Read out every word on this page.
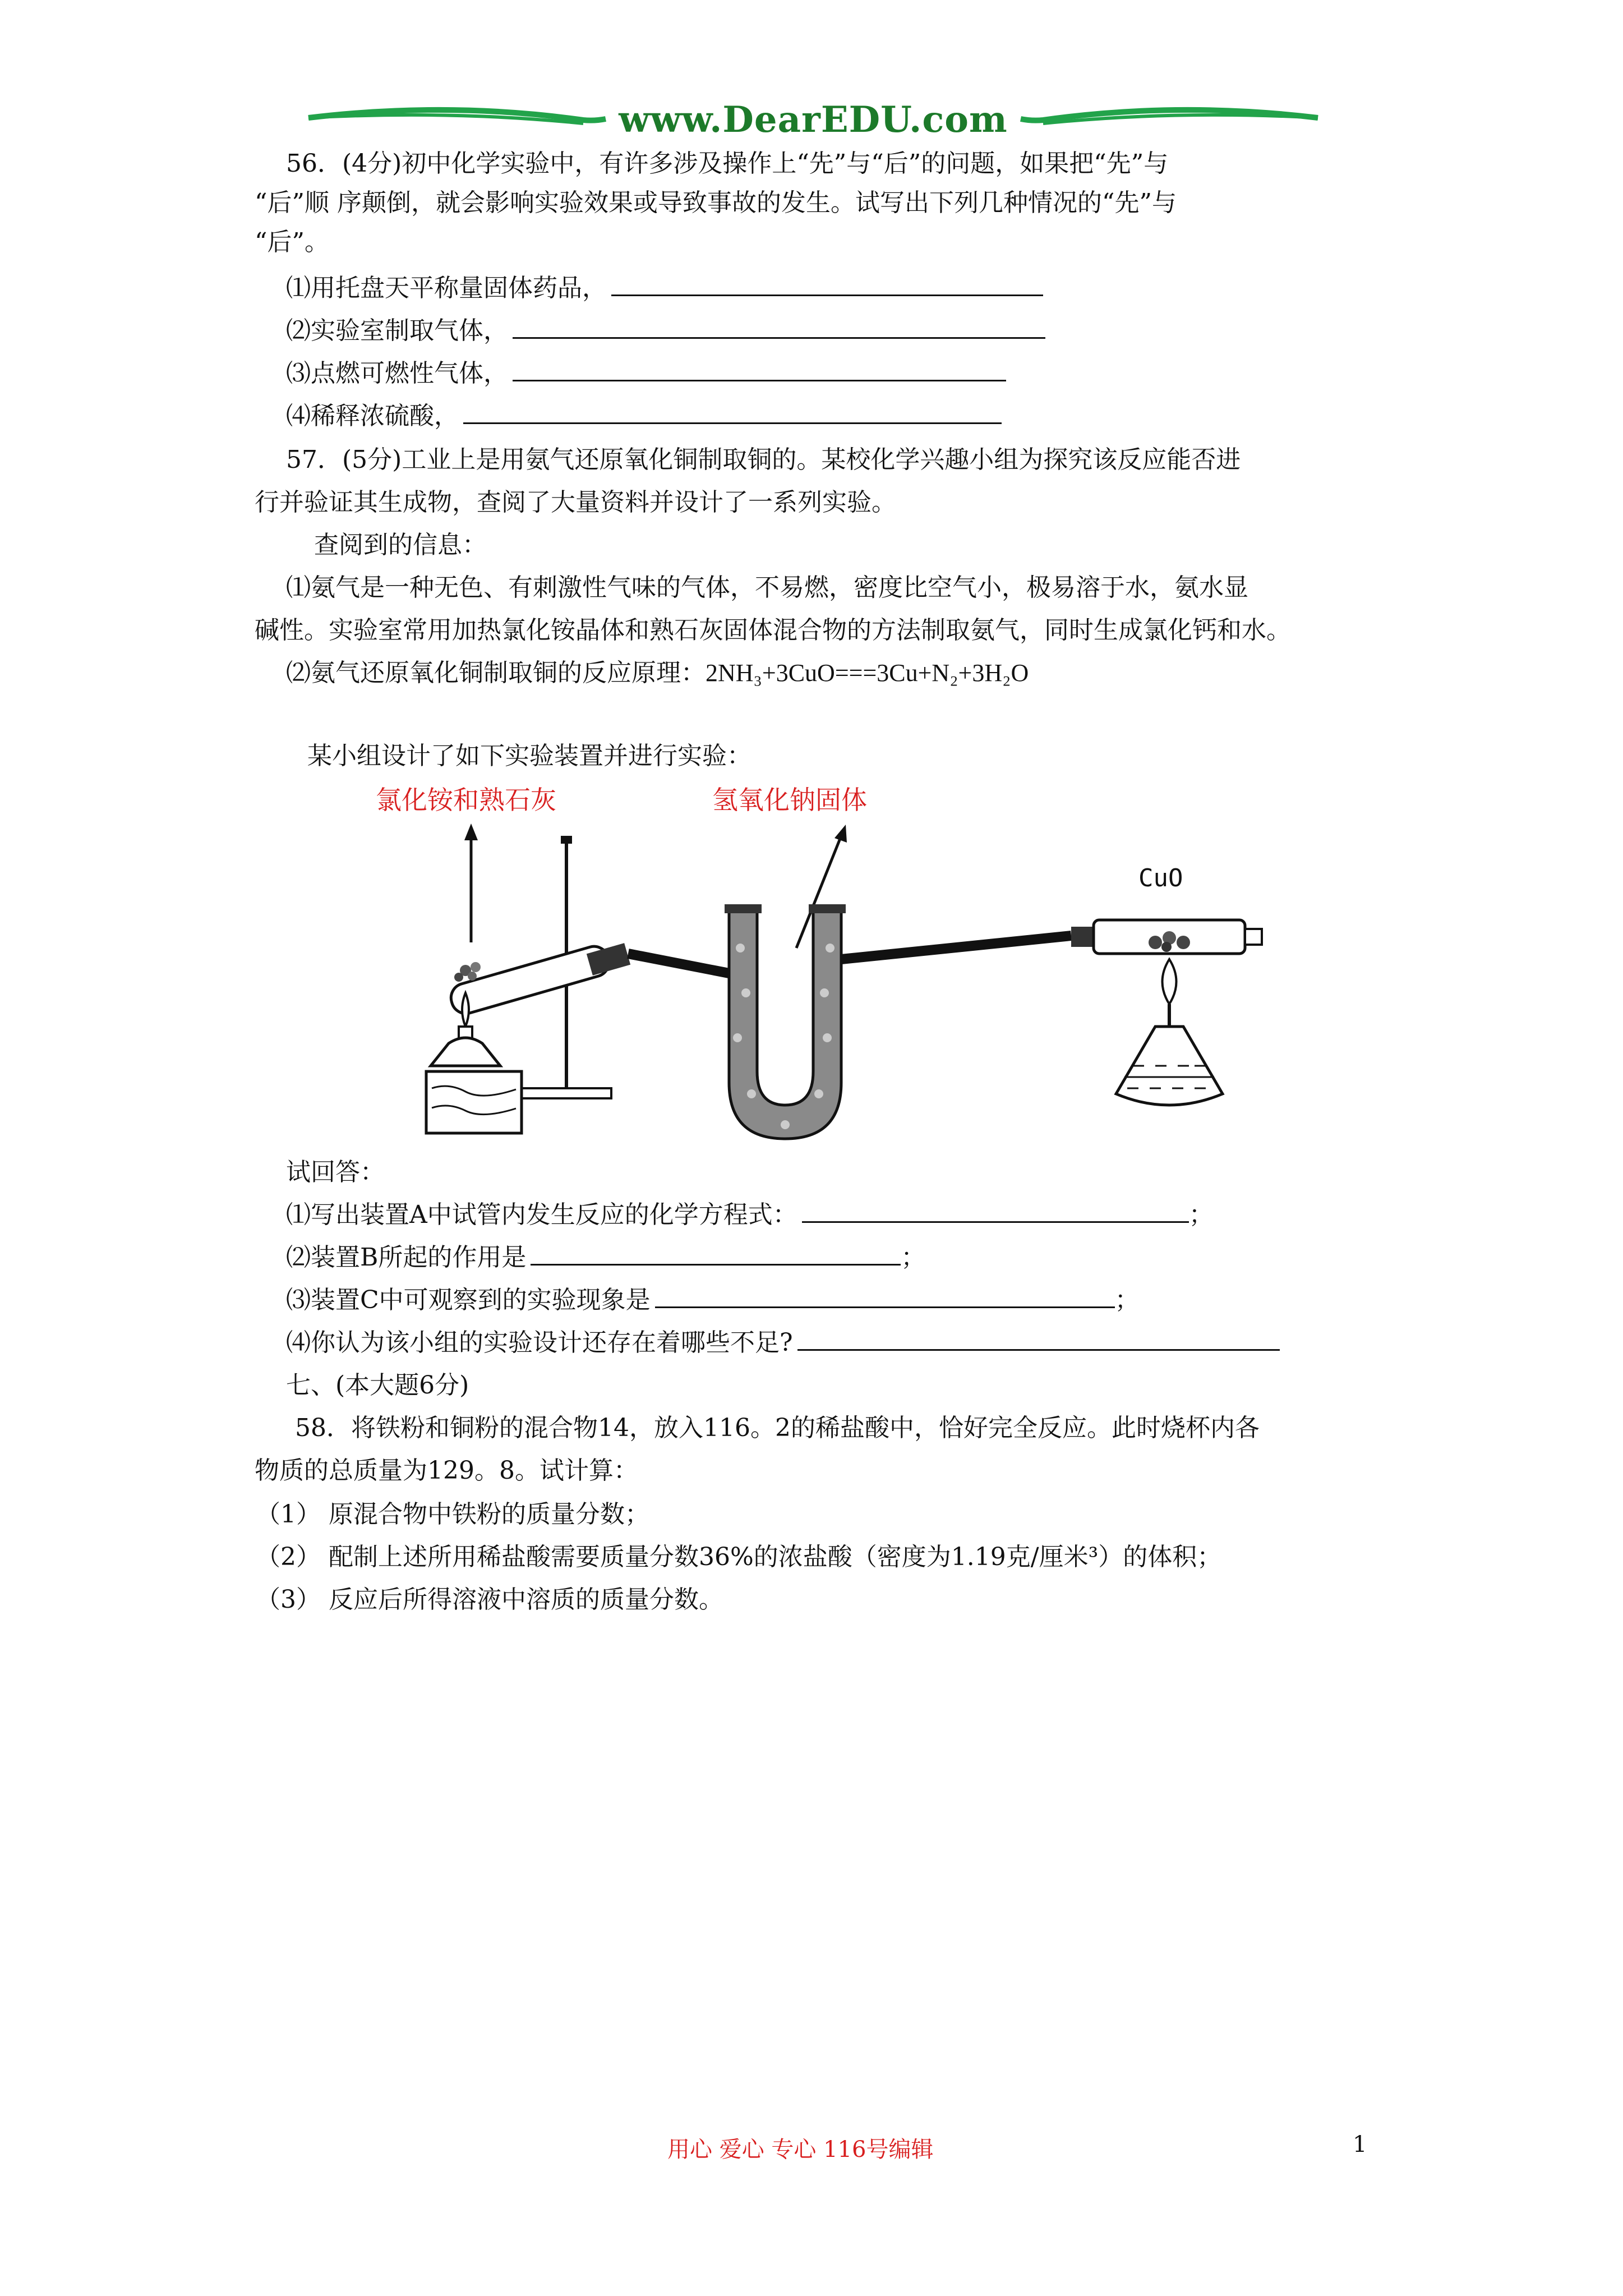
www.DearEDU.com
56．(4分)初中化学实验中，有许多涉及操作上“先”与“后”的问题，如果把“先”与
“后”顺 序颠倒，就会影响实验效果或导致事故的发生。试写出下列几种情况的“先”与
“后”。
⑴用托盘天平称量固体药品，
⑵实验室制取气体，
⑶点燃可燃性气体，
⑷稀释浓硫酸，
57．(5分)工业上是用氨气还原氧化铜制取铜的。某校化学兴趣小组为探究该反应能否进
行并验证其生成物，查阅了大量资料并设计了一系列实验。
查阅到的信息：
⑴氨气是一种无色、有刺激性气味的气体，不易燃，密度比空气小，极易溶于水，氨水显
碱性。实验室常用加热氯化铵晶体和熟石灰固体混合物的方法制取氨气，同时生成氯化钙和水。
⑵氨气还原氧化铜制取铜的反应原理：2NH₃+3CuO===3Cu+N₂+3H₂O
某小组设计了如下实验装置并进行实验：
氯化铵和熟石灰	氢氧化钠固体
CuO
试回答：
⑴写出装置A中试管内发生反应的化学方程式：	；
⑵装置B所起的作用是	；
⑶装置C中可观察到的实验现象是	；
⑷你认为该小组的实验设计还存在着哪些不足?
七、(本大题6分)
58．将铁粉和铜粉的混合物14，放入116。2的稀盐酸中，恰好完全反应。此时烧杯内各
物质的总质量为129。8。试计算：
（1） 原混合物中铁粉的质量分数；
（2） 配制上述所用稀盐酸需要质量分数36%的浓盐酸（密度为1.19克/厘米³）的体积；
（3） 反应后所得溶液中溶质的质量分数。
用心 爱心 专心 116号编辑	1
